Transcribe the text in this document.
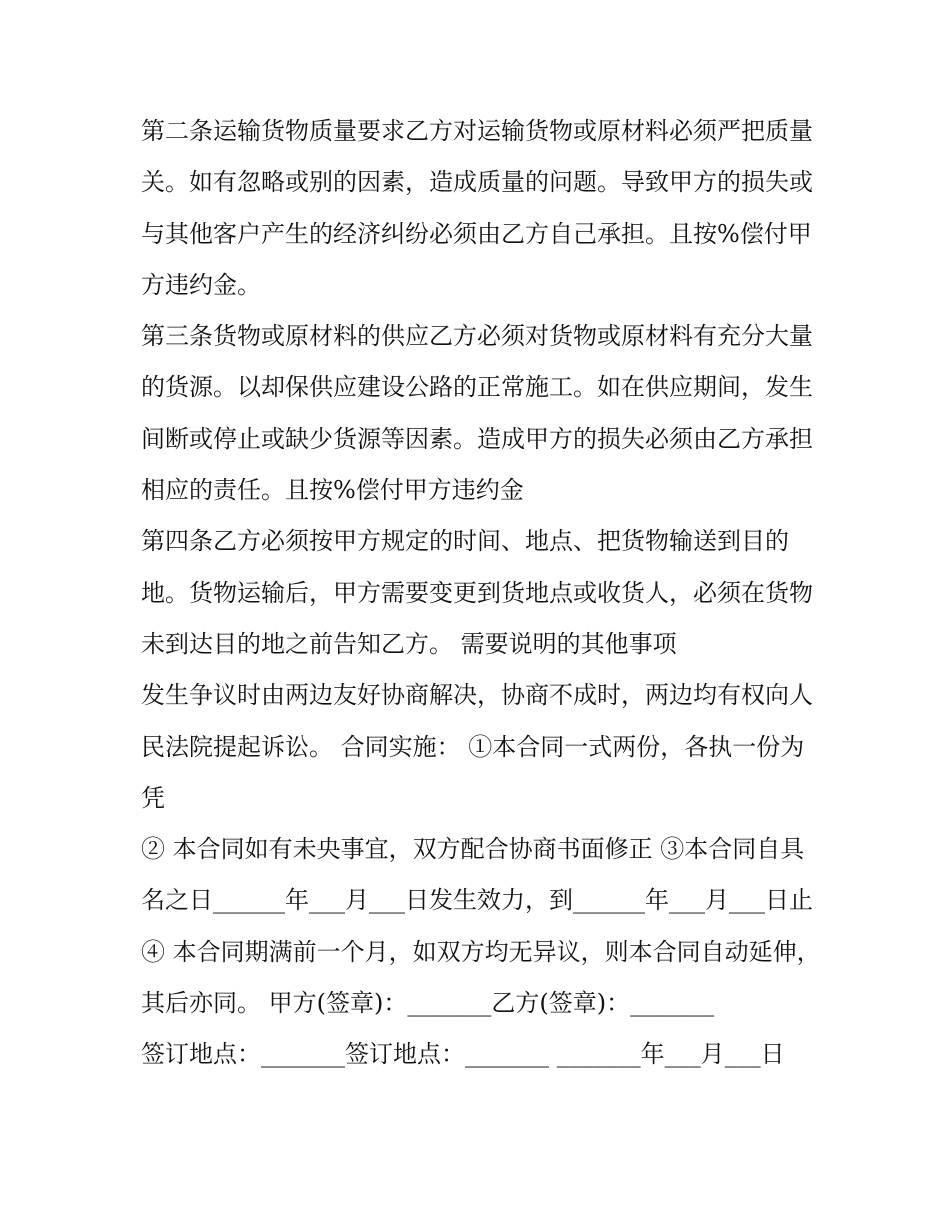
第二条运输货物质量要求乙方对运输货物或原材料必须严把质量关。如有忽略或别的因素，造成质量的问题。导致甲方的损失或与其他客户产生的经济纠纷必须由乙方自己承担。且按%偿付甲方违约金。

第三条货物或原材料的供应乙方必须对货物或原材料有充分大量的货源。以却保供应建设公路的正常施工。如在供应期间，发生间断或停止或缺少货源等因素。造成甲方的损失必须由乙方承担相应的责任。且按%偿付甲方违约金

第四条乙方必须按甲方规定的时间、地点、把货物输送到目的地。货物运输后，甲方需要变更到货地点或收货人，必须在货物未到达目的地之前告知乙方。 需要说明的其他事项

发生争议时由两边友好协商解决，协商不成时，两边均有权向人民法院提起诉讼。 合同实施： ①本合同一式两份，各执一份为凭

② 本合同如有未央事宜，双方配合协商书面修正 ③本合同自具名之日______年___月___日发生效力，到______年___月___日止

④ 本合同期满前一个月，如双方均无异议，则本合同自动延伸，其后亦同。 甲方(签章)：_______乙方(签章)：_______

签订地点：_______签订地点：_______ _______年___月___日
